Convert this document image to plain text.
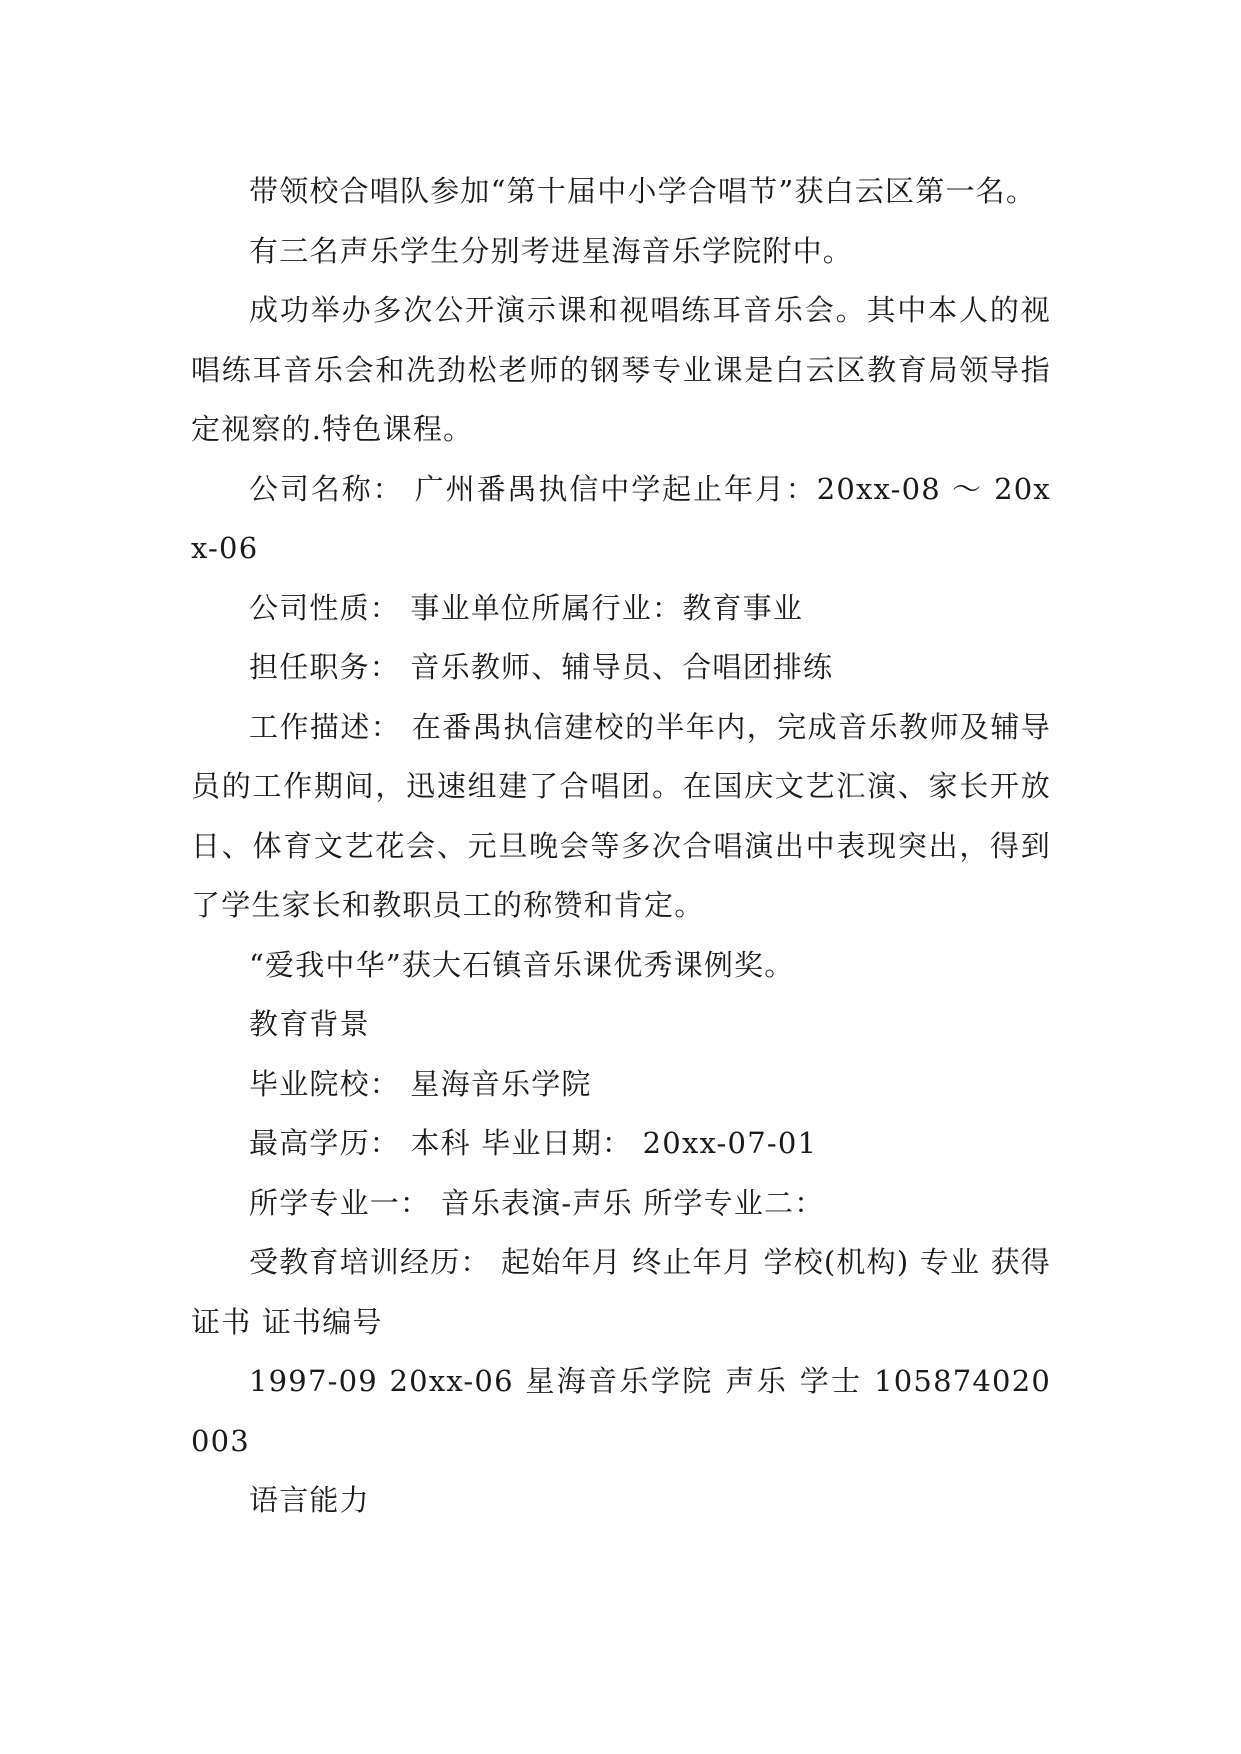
带领校合唱队参加“第十届中小学合唱节”获白云区第一名。

有三名声乐学生分别考进星海音乐学院附中。

成功举办多次公开演示课和视唱练耳音乐会。其中本人的视唱练耳音乐会和冼劲松老师的钢琴专业课是白云区教育局领导指定视察的.特色课程。

公司名称： 广州番禺执信中学起止年月：20xx-08 ～ 20xx-06

公司性质： 事业单位所属行业：教育事业

担任职务： 音乐教师、辅导员、合唱团排练

工作描述： 在番禺执信建校的半年内，完成音乐教师及辅导员的工作期间，迅速组建了合唱团。在国庆文艺汇演、家长开放日、体育文艺花会、元旦晚会等多次合唱演出中表现突出，得到了学生家长和教职员工的称赞和肯定。

“爱我中华”获大石镇音乐课优秀课例奖。

教育背景

毕业院校： 星海音乐学院

最高学历： 本科 毕业日期： 20xx-07-01

所学专业一： 音乐表演-声乐 所学专业二：

受教育培训经历： 起始年月 终止年月 学校(机构) 专业 获得证书 证书编号

1997-09 20xx-06 星海音乐学院 声乐 学士 105874020003

语言能力
